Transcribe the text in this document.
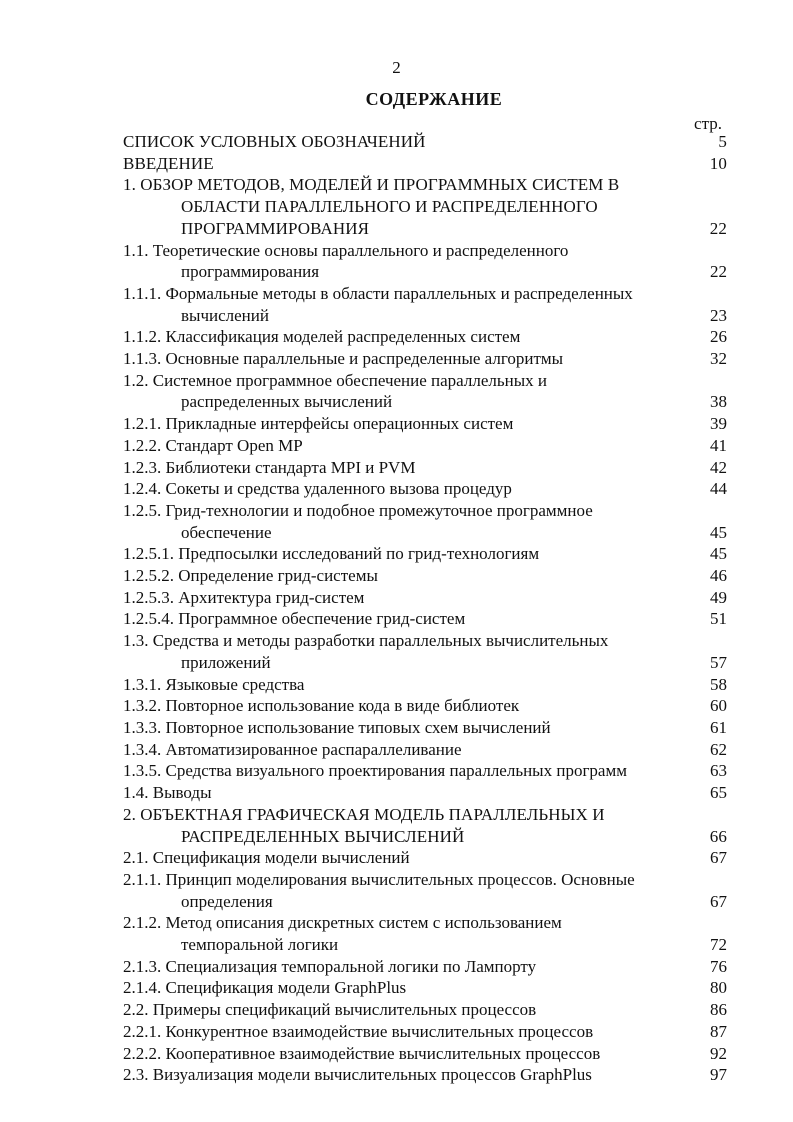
2
СОДЕРЖАНИЕ
стр.
СПИСОК УСЛОВНЫХ ОБОЗНАЧЕНИЙ	5
ВВЕДЕНИЕ	10
1. ОБЗОР МЕТОДОВ, МОДЕЛЕЙ И ПРОГРАММНЫХ СИСТЕМ В
ОБЛАСТИ ПАРАЛЛЕЛЬНОГО И РАСПРЕДЕЛЕННОГО
ПРОГРАММИРОВАНИЯ	22
1.1. Теоретические основы параллельного и распределенного
программирования	22
1.1.1. Формальные методы в области параллельных и распределенных
вычислений	23
1.1.2. Классификация моделей распределенных систем	26
1.1.3. Основные параллельные и распределенные алгоритмы	32
1.2. Системное программное обеспечение параллельных и
распределенных вычислений	38
1.2.1. Прикладные интерфейсы операционных систем	39
1.2.2. Стандарт Open MP	41
1.2.3. Библиотеки стандарта MPI и PVM	42
1.2.4. Сокеты и средства удаленного вызова процедур	44
1.2.5. Грид-технологии и подобное промежуточное программное
обеспечение	45
1.2.5.1. Предпосылки исследований по грид-технологиям	45
1.2.5.2. Определение грид-системы	46
1.2.5.3. Архитектура грид-систем	49
1.2.5.4. Программное обеспечение грид-систем	51
1.3. Средства и методы разработки параллельных вычислительных
приложений	57
1.3.1. Языковые средства	58
1.3.2. Повторное использование кода в виде библиотек	60
1.3.3. Повторное использование типовых схем вычислений	61
1.3.4. Автоматизированное распараллеливание	62
1.3.5. Средства визуального проектирования параллельных программ	63
1.4. Выводы	65
2. ОБЪЕКТНАЯ ГРАФИЧЕСКАЯ МОДЕЛЬ ПАРАЛЛЕЛЬНЫХ И
РАСПРЕДЕЛЕННЫХ ВЫЧИСЛЕНИЙ	66
2.1. Спецификация модели вычислений	67
2.1.1. Принцип моделирования вычислительных процессов. Основные
определения	67
2.1.2. Метод описания дискретных систем с использованием
темпоральной логики	72
2.1.3. Специализация темпоральной логики по Лампорту	76
2.1.4. Спецификация модели GraphPlus	80
2.2. Примеры спецификаций вычислительных процессов	86
2.2.1. Конкурентное взаимодействие вычислительных процессов	87
2.2.2. Кооперативное взаимодействие вычислительных процессов	92
2.3. Визуализация модели вычислительных процессов GraphPlus	97
